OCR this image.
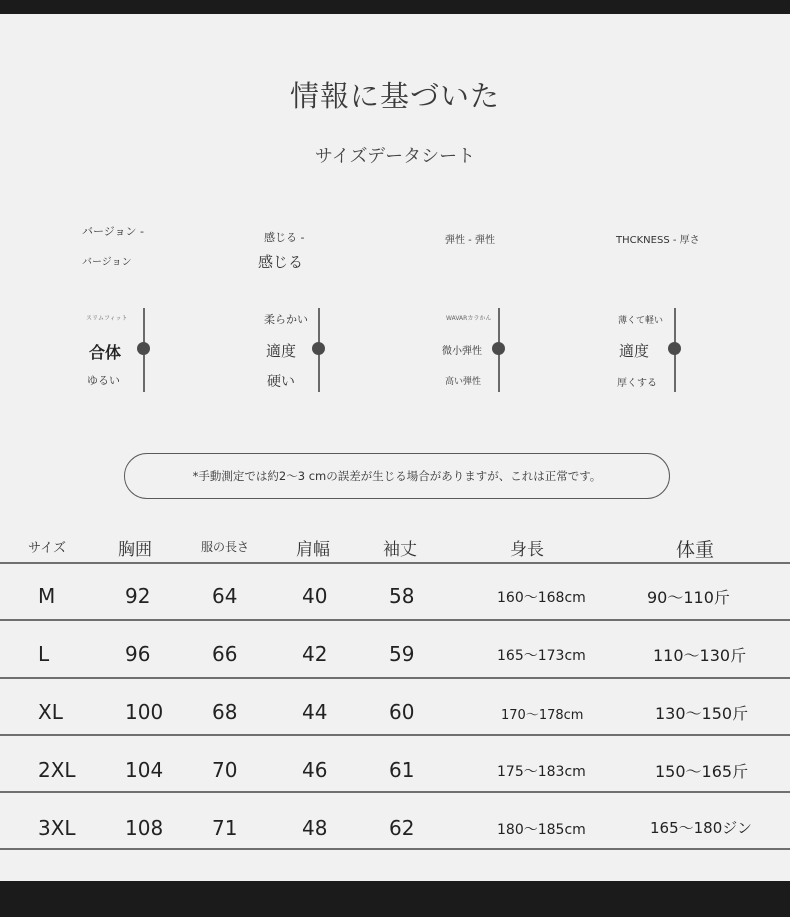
情報に基づいた
サイズデータシート
バージョン -
バージョン
スリムフィット
合体
ゆるい
感じる -
感じる
柔らかい
適度
硬い
弾性 - 弾性
WAVARカラかん
微小弾性
高い弾性
THCKNESS - 厚さ
薄くて軽い
適度
厚くする
*手動測定では約2～3 cmの誤差が生じる場合がありますが、これは正常です。
サイズ	胸囲	服の長さ	肩幅	袖丈	身長	体重
M	92	64	40	58	160～168cm	90～110斤
L	96	66	42	59	165～173cm	110～130斤
XL	100 68	44	60	170～178cm	130～150斤
2XL 104 70	46	61	175～183cm	150～165斤
3XL 108 71	48	62	180～185cm	165～180ジン
